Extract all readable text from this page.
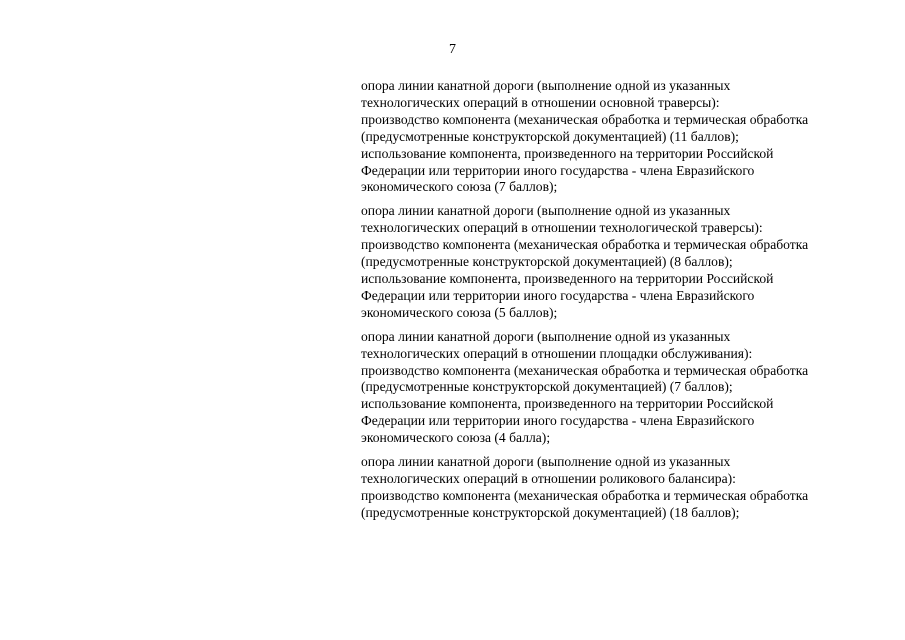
7
опора линии канатной дороги (выполнение одной из указанных
технологических операций в отношении основной траверсы):
производство компонента (механическая обработка и термическая обработка
(предусмотренные конструкторской документацией) (11 баллов);
использование компонента, произведенного на территории Российской
Федерации или территории иного государства - члена Евразийского
экономического союза (7 баллов);
опора линии канатной дороги (выполнение одной из указанных
технологических операций в отношении технологической траверсы):
производство компонента (механическая обработка и термическая обработка
(предусмотренные конструкторской документацией) (8 баллов);
использование компонента, произведенного на территории Российской
Федерации или территории иного государства - члена Евразийского
экономического союза (5 баллов);
опора линии канатной дороги (выполнение одной из указанных
технологических операций в отношении площадки обслуживания):
производство компонента (механическая обработка и термическая обработка
(предусмотренные конструкторской документацией) (7 баллов);
использование компонента, произведенного на территории Российской
Федерации или территории иного государства - члена Евразийского
экономического союза (4 балла);
опора линии канатной дороги (выполнение одной из указанных
технологических операций в отношении роликового балансира):
производство компонента (механическая обработка и термическая обработка
(предусмотренные конструкторской документацией) (18 баллов);
